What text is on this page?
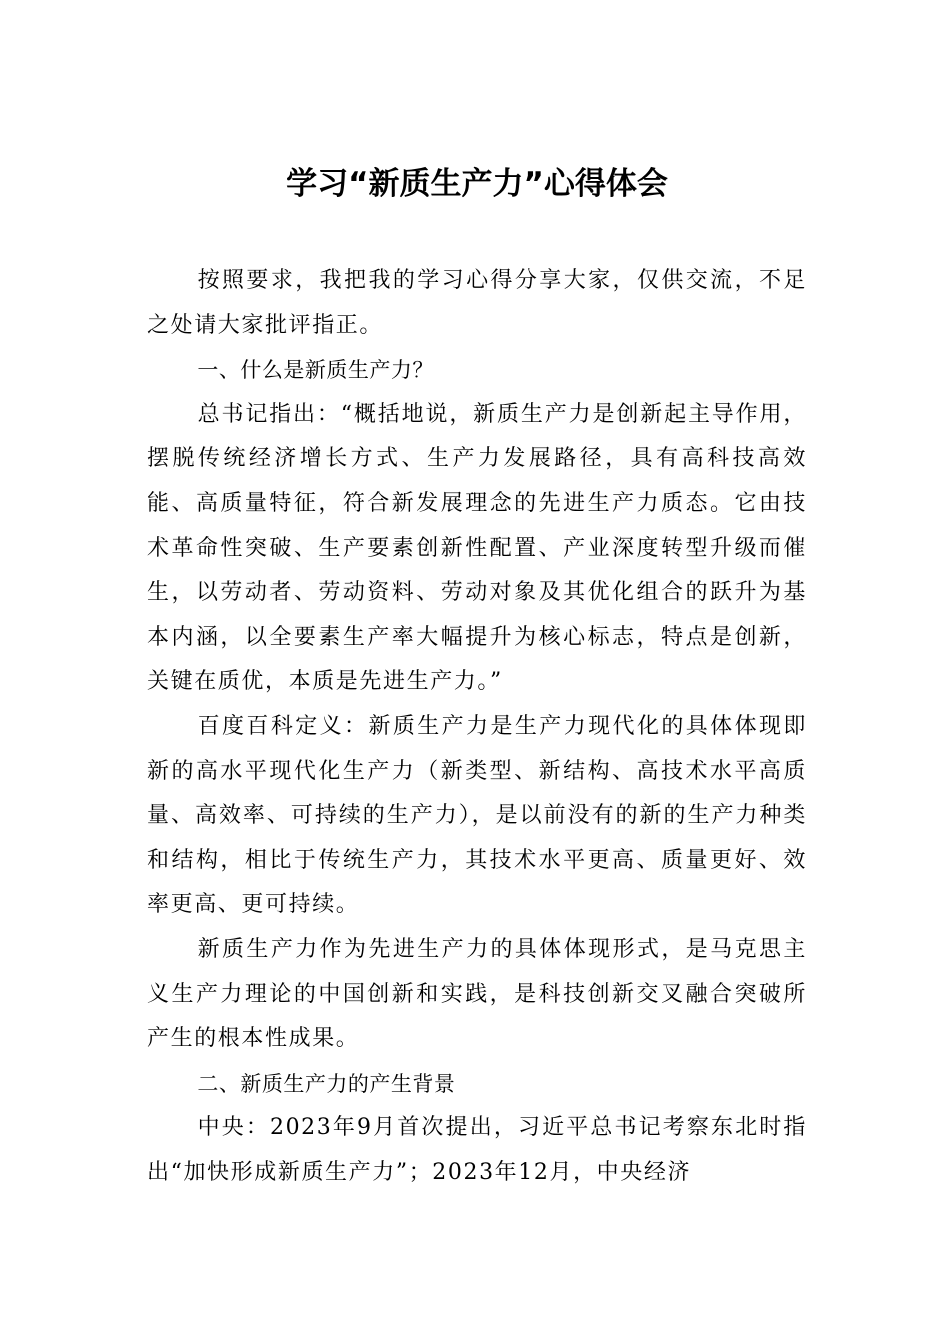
学习“新质生产力”心得体会

按照要求，我把我的学习心得分享大家，仅供交流，不足之处请大家批评指正。

一、什么是新质生产力？

总书记指出：“概括地说，新质生产力是创新起主导作用，摆脱传统经济增长方式、生产力发展路径，具有高科技高效能、高质量特征，符合新发展理念的先进生产力质态。它由技术革命性突破、生产要素创新性配置、产业深度转型升级而催生，以劳动者、劳动资料、劳动对象及其优化组合的跃升为基本内涵，以全要素生产率大幅提升为核心标志，特点是创新，关键在质优，本质是先进生产力。”

百度百科定义：新质生产力是生产力现代化的具体体现即新的高水平现代化生产力（新类型、新结构、高技术水平高质量、高效率、可持续的生产力），是以前没有的新的生产力种类和结构，相比于传统生产力，其技术水平更高、质量更好、效率更高、更可持续。

新质生产力作为先进生产力的具体体现形式，是马克思主义生产力理论的中国创新和实践，是科技创新交叉融合突破所产生的根本性成果。

二、新质生产力的产生背景

中央：2023年9月首次提出，习近平总书记考察东北时指出“加快形成新质生产力”；2023年12月，中央经济
